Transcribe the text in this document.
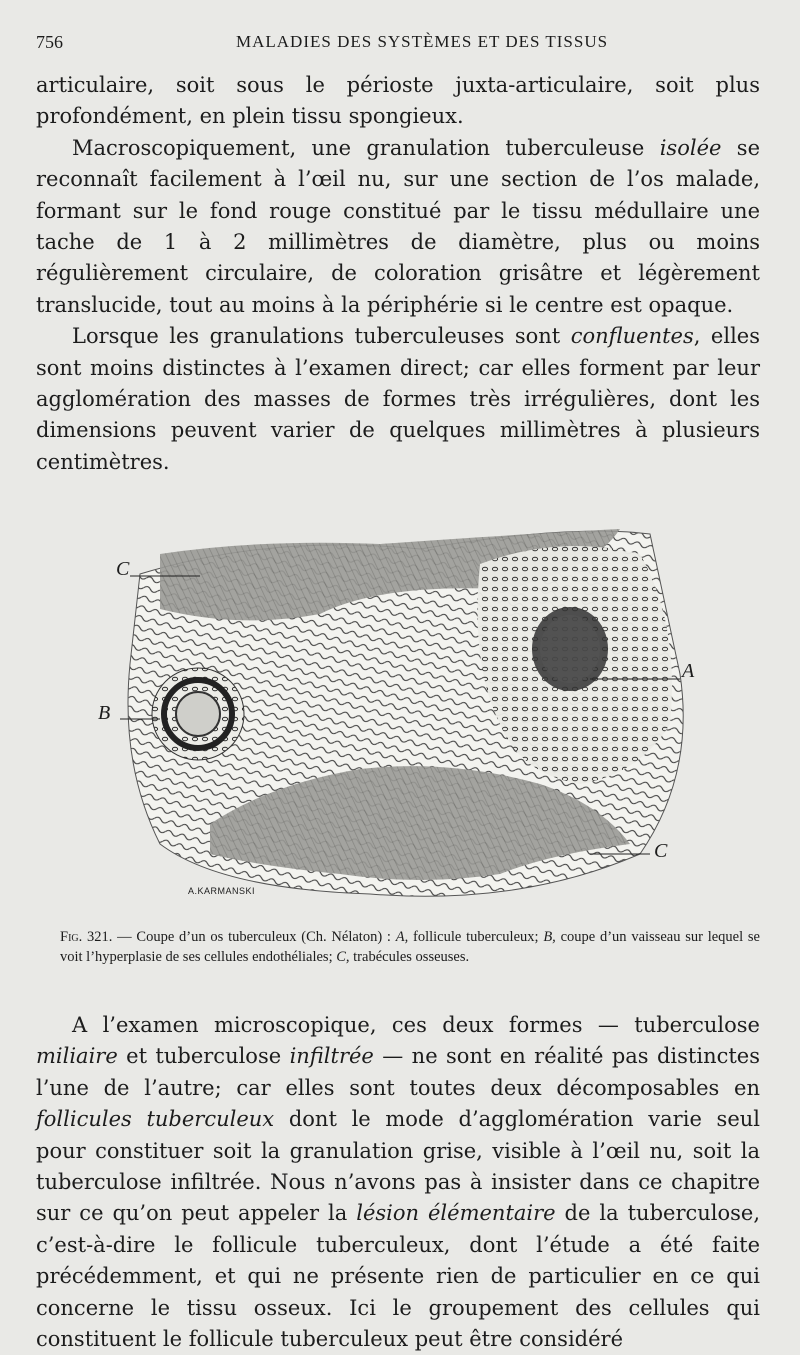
756	MALADIES DES SYSTÈMES ET DES TISSUS

articulaire, soit sous le périoste juxta-articulaire, soit plus profondément, en plein tissu spongieux.

Macroscopiquement, une granulation tuberculeuse isolée se reconnaît facilement à l’œil nu, sur une section de l’os malade, formant sur le fond rouge constitué par le tissu médullaire une tache de 1 à 2 millimètres de diamètre, plus ou moins régulièrement circulaire, de coloration grisâtre et légèrement translucide, tout au moins à la périphérie si le centre est opaque.

Lorsque les granulations tuberculeuses sont confluentes, elles sont moins distinctes à l’examen direct; car elles forment par leur agglomération des masses de formes très irrégulières, dont les dimensions peuvent varier de quelques millimètres à plusieurs centimètres.

C
A
B
C
A.KARMANSKI
Fig. 321. — Coupe d’un os tuberculeux (Ch. Nélaton) : A, follicule tuberculeux; B, coupe d’un vaisseau sur lequel se voit l’hyperplasie de ses cellules endothéliales; C, trabécules osseuses.

A l’examen microscopique, ces deux formes — tuberculose miliaire et tuberculose infiltrée — ne sont en réalité pas distinctes l’une de l’autre; car elles sont toutes deux décomposables en follicules tuberculeux dont le mode d’agglomération varie seul pour constituer soit la granulation grise, visible à l’œil nu, soit la tuberculose infiltrée. Nous n’avons pas à insister dans ce chapitre sur ce qu’on peut appeler la lésion élémentaire de la tuberculose, c’est-à-dire le follicule tuberculeux, dont l’étude a été faite précédemment, et qui ne présente rien de particulier en ce qui concerne le tissu osseux. Ici le groupement des cellules qui constituent le follicule tuberculeux peut être considéré
